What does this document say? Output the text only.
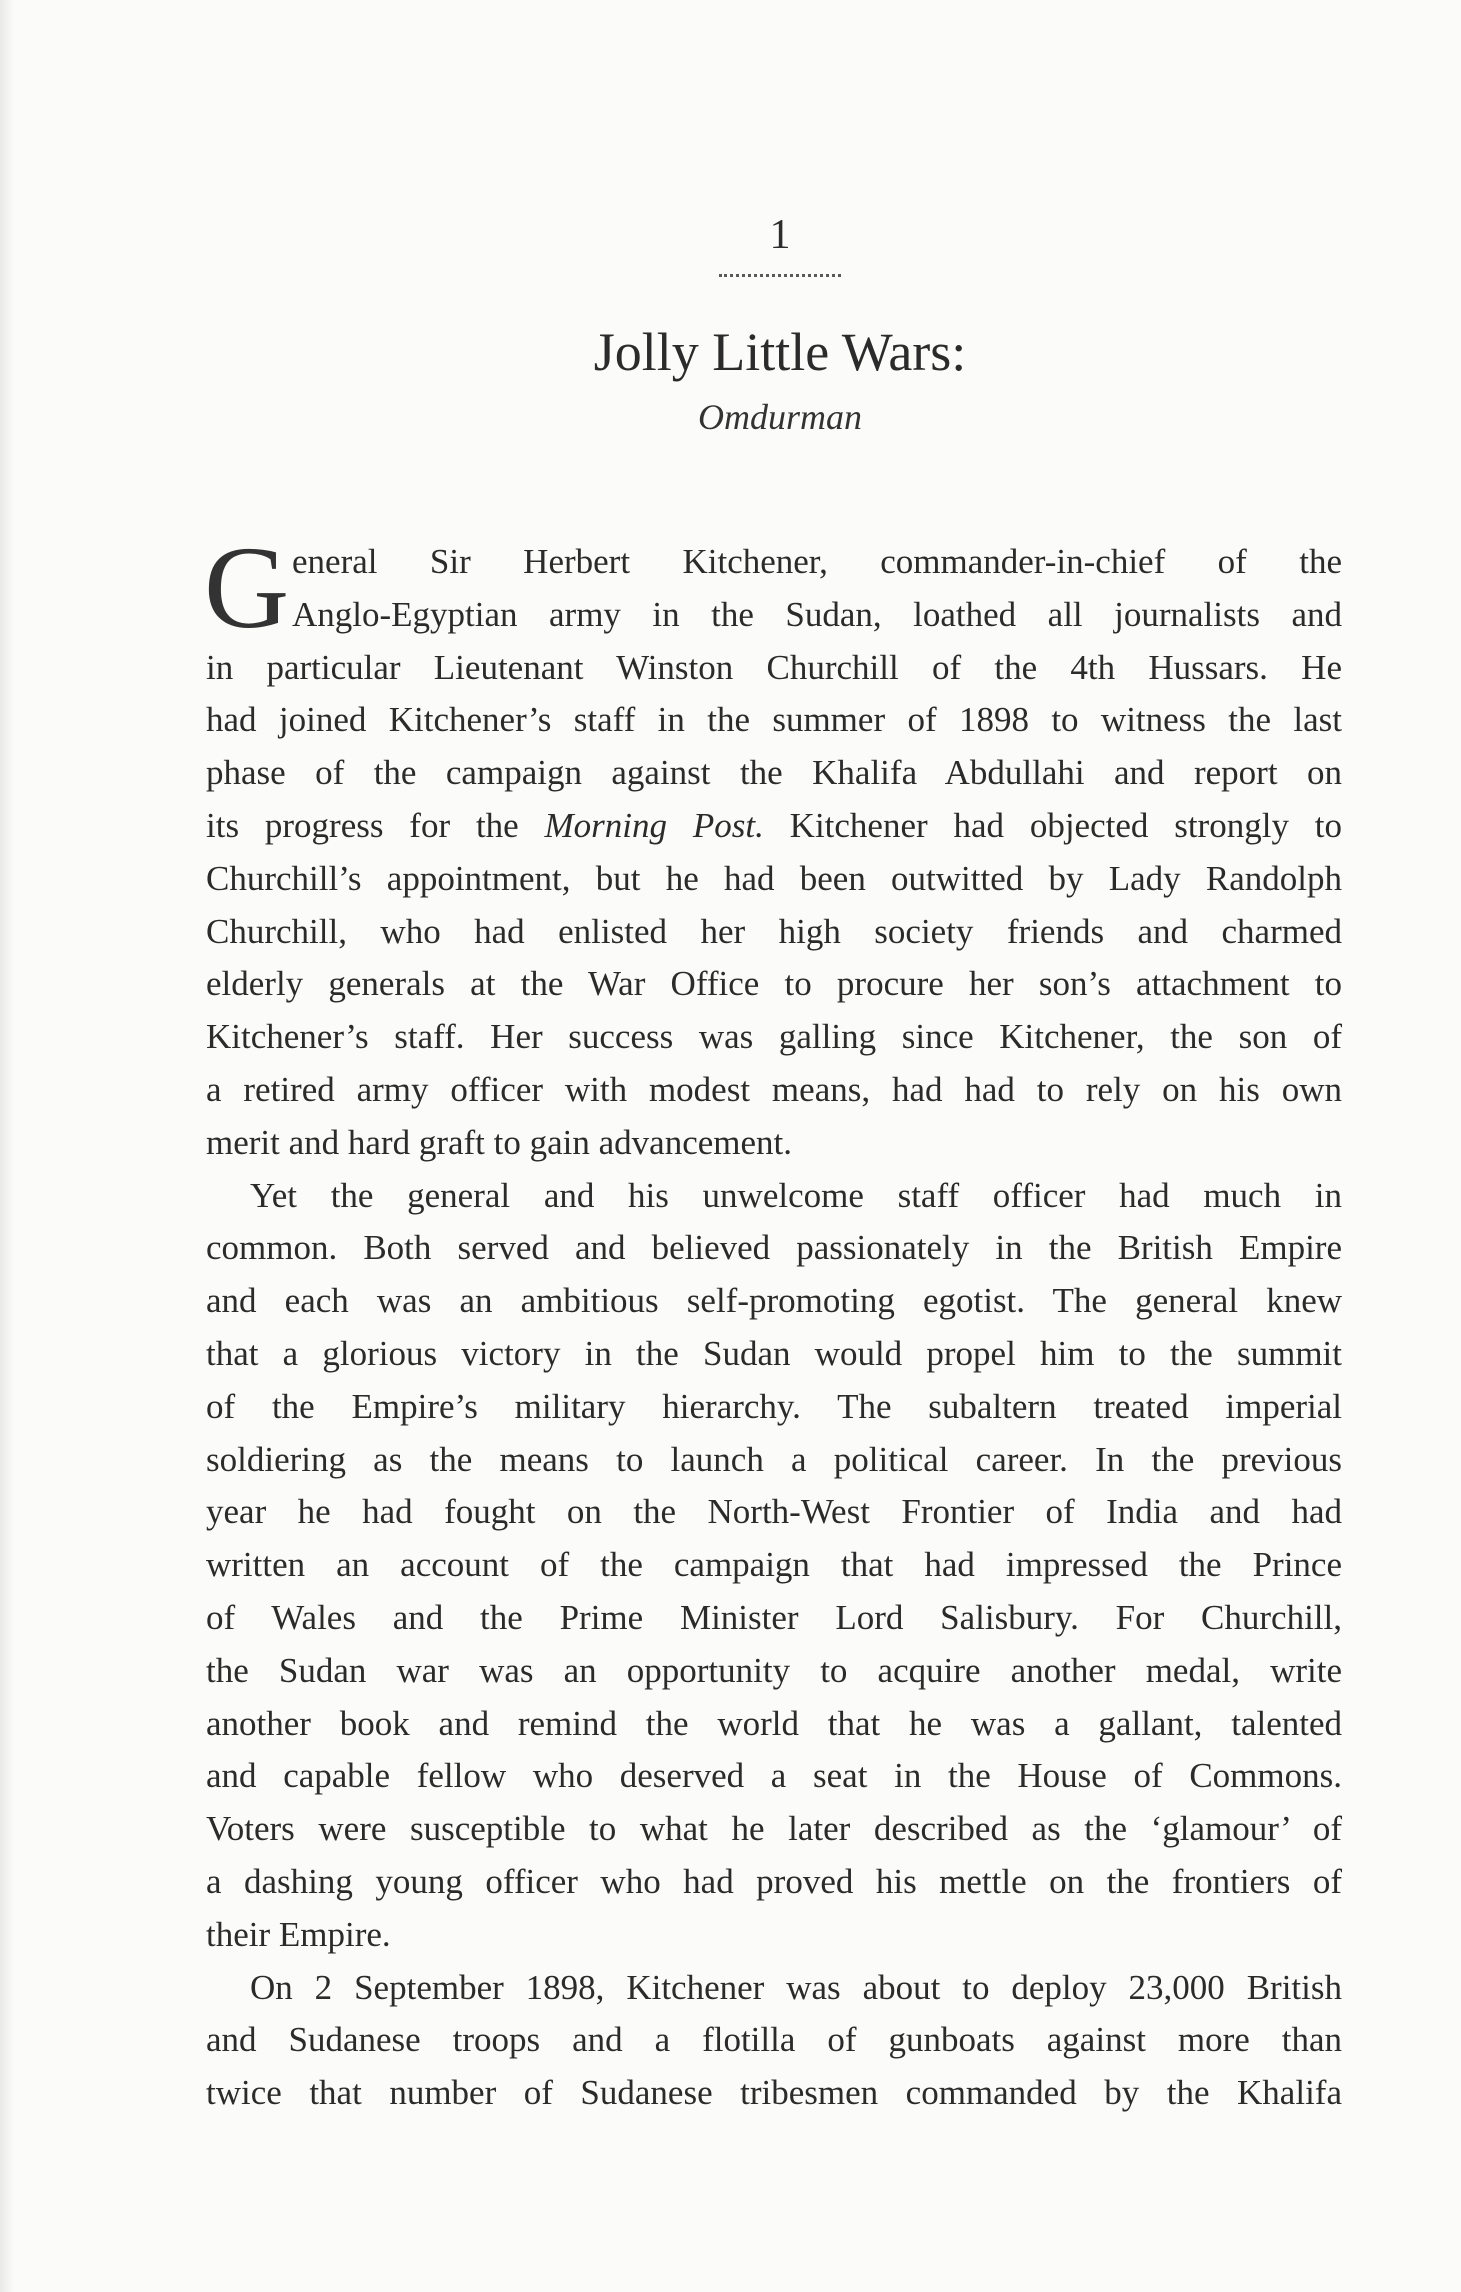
1
Jolly Little Wars:
Omdurman
G eneral Sir Herbert Kitchener, commander-in-chief of the
Anglo-Egyptian army in the Sudan, loathed all journalists and
in particular Lieutenant Winston Churchill of the 4th Hussars. He
had joined Kitchener’s staff in the summer of 1898 to witness the last
phase of the campaign against the Khalifa Abdullahi and report on
its progress for the Morning Post. Kitchener had objected strongly to
Churchill’s appointment, but he had been outwitted by Lady Randolph
Churchill, who had enlisted her high society friends and charmed
elderly generals at the War Office to procure her son’s attachment to
Kitchener’s staff. Her success was galling since Kitchener, the son of
a retired army officer with modest means, had had to rely on his own
merit and hard graft to gain advancement.
Yet the general and his unwelcome staff officer had much in
common. Both served and believed passionately in the British Empire
and each was an ambitious self-promoting egotist. The general knew
that a glorious victory in the Sudan would propel him to the summit
of the Empire’s military hierarchy. The subaltern treated imperial
soldiering as the means to launch a political career. In the previous
year he had fought on the North-West Frontier of India and had
written an account of the campaign that had impressed the Prince
of Wales and the Prime Minister Lord Salisbury. For Churchill,
the Sudan war was an opportunity to acquire another medal, write
another book and remind the world that he was a gallant, talented
and capable fellow who deserved a seat in the House of Commons.
Voters were susceptible to what he later described as the ‘glamour’ of
a dashing young officer who had proved his mettle on the frontiers of
their Empire.
On 2 September 1898, Kitchener was about to deploy 23,000 British
and Sudanese troops and a flotilla of gunboats against more than
twice that number of Sudanese tribesmen commanded by the Khalifa
